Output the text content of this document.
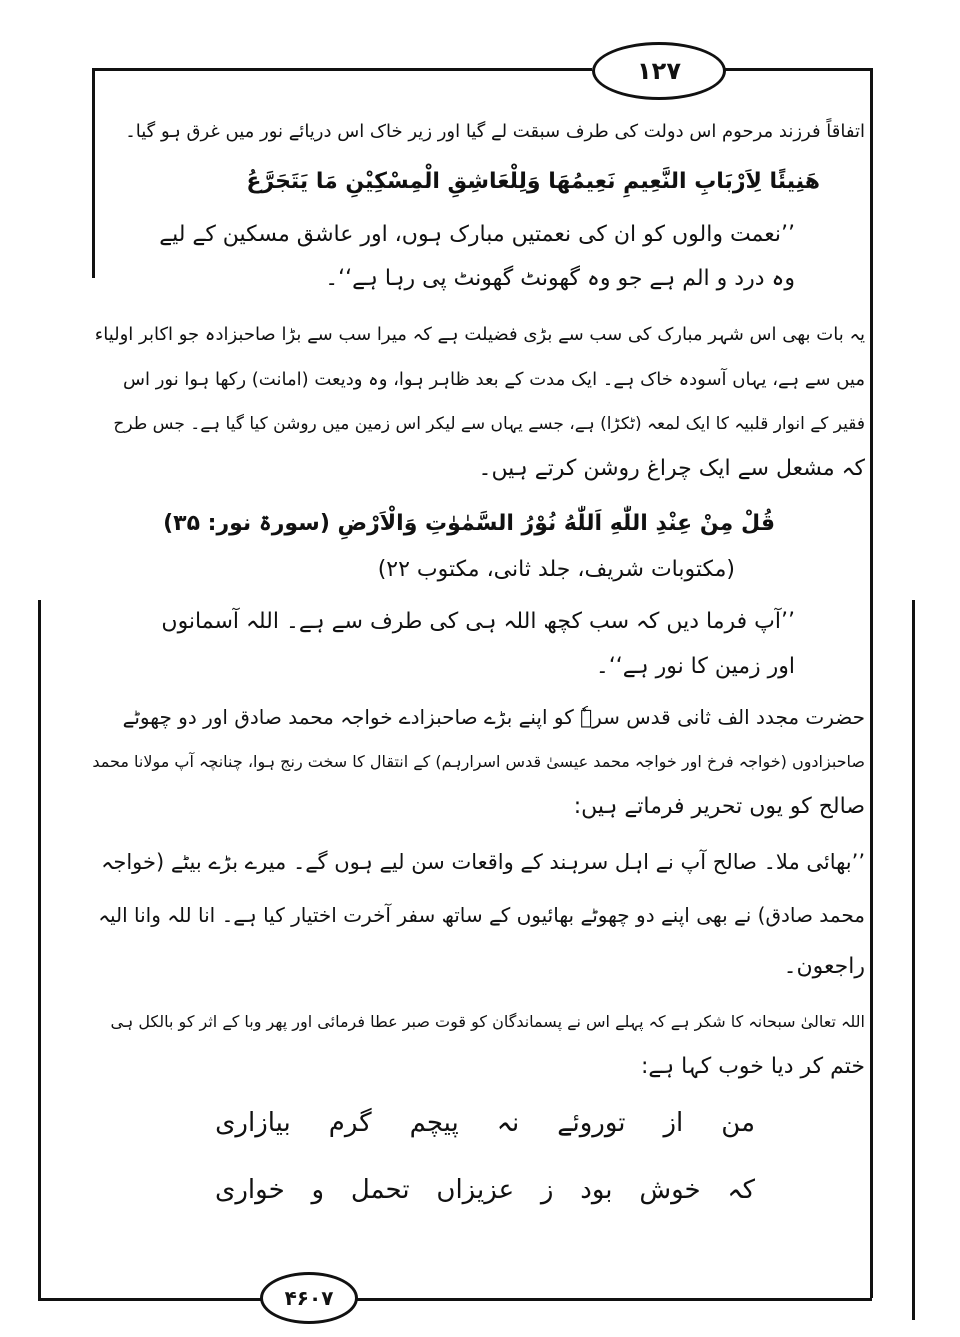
۱۲۷
اتفاقاً فرزند مرحوم اس دولت کی طرف سبقت لے گیا اور زیر خاک اس دریائے نور میں غرق ہو گیا۔
هَنِيئًا لِاَرْبَابِ النَّعِيمِ نَعِيمُهَا وَلِلْعَاشِقِ الْمِسْكِيْنِ مَا يَتَجَرَّعُ
’’نعمت والوں کو ان کی نعمتیں مبارک ہوں، اور عاشق مسکین کے لیے
وہ درد و الم ہے جو وہ گھونٹ گھونٹ پی رہا ہے‘‘۔
یہ بات بھی اس شہر مبارک کی سب سے بڑی فضیلت ہے کہ میرا سب سے بڑا صاحبزادہ جو اکابر اولیاء
میں سے ہے، یہاں آسودہ خاک ہے۔ ایک مدت کے بعد ظاہر ہوا، وہ ودیعت (امانت) رکھا ہوا نور اس
فقیر کے انوار قلبیہ کا ایک لمعہ (ٹکڑا) ہے، جسے یہاں سے لیکر اس زمین میں روشن کیا گیا ہے۔ جس طرح
کہ مشعل سے ایک چراغ روشن کرتے ہیں۔
قُلْ مِنْ عِنْدِ اللّٰهِ اَللّٰهُ نُوْرُ السَّمٰوٰتِ وَالْاَرْضِ (سورۃ نور: ۳۵)
(مکتوبات شریف، جلد ثانی، مکتوب ۲۲)
’’آپ فرما دیں کہ سب کچھ اللہ ہی کی طرف سے ہے۔ اللہ آسمانوں
اور زمین کا نور ہے‘‘۔
حضرت مجدد الف ثانی قدس سرہٗ کو اپنے بڑے صاحبزادے خواجہ محمد صادق اور دو چھوٹے
صاحبزادوں (خواجہ فرخ اور خواجہ محمد عیسیٰ قدس اسرارہم) کے انتقال کا سخت رنج ہوا، چنانچہ آپ مولانا محمد
صالح کو یوں تحریر فرماتے ہیں:
’’بھائی ملا۔ صالح آپ نے اہل سرہند کے واقعات سن لیے ہوں گے۔ میرے بڑے بیٹے (خواجہ
محمد صادق) نے بھی اپنے دو چھوٹے بھائیوں کے ساتھ سفر آخرت اختیار کیا ہے۔ انا للہ وانا الیہ
راجعون۔
اللہ تعالیٰ سبحانہ کا شکر ہے کہ پہلے اس نے پسماندگان کو قوت صبر عطا فرمائی اور پھر وبا کے اثر کو بالکل ہی
ختم کر دیا خوب کہا ہے:
من
از
توروئے
نہ
پیچم
گرم
بیازاری
کہ
خوش
بود
ز
عزیزاں
تحمل
و
خواری
۴۶۰۷
